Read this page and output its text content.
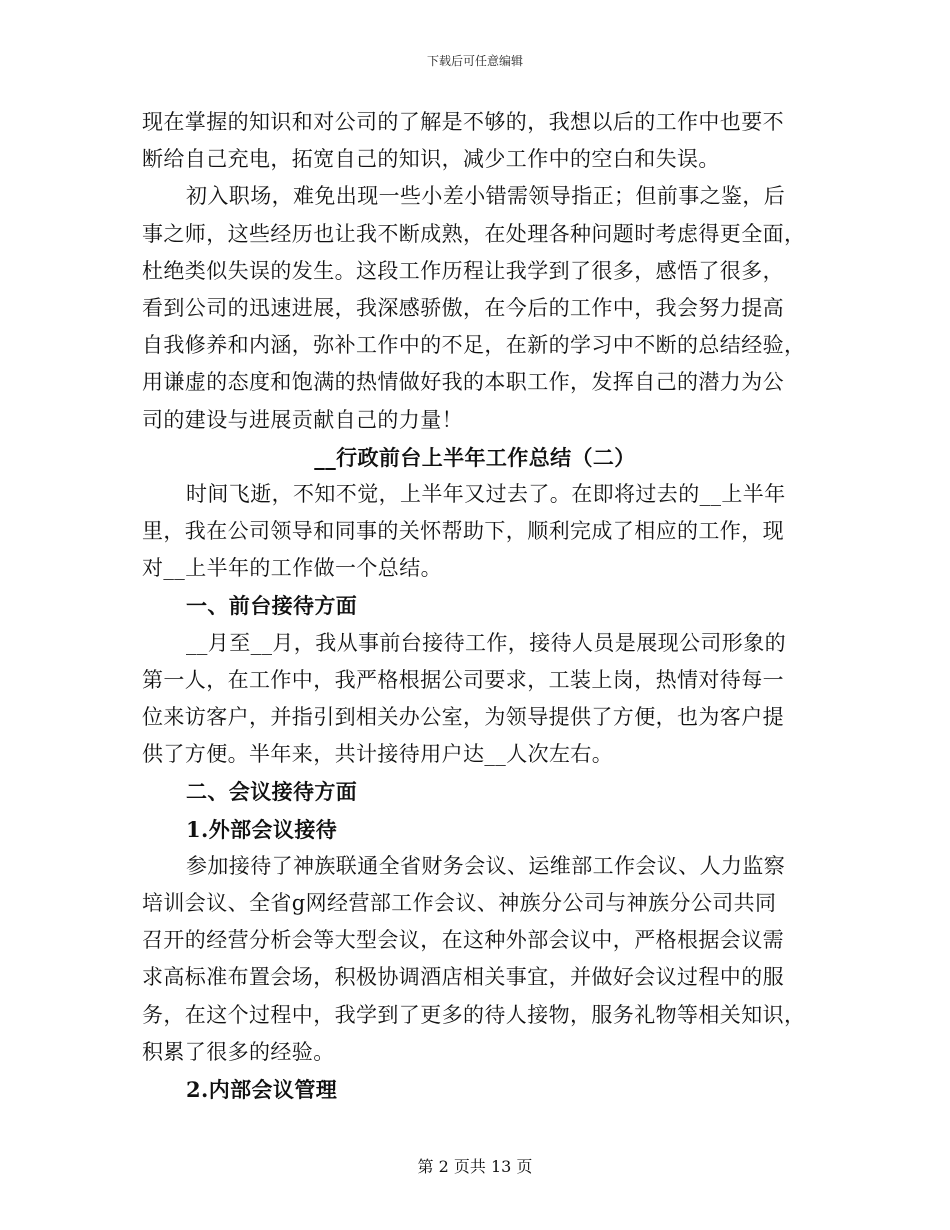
下载后可任意编辑
现在掌握的知识和对公司的了解是不够的，我想以后的工作中也要不
断给自己充电，拓宽自己的知识，减少工作中的空白和失误。
初入职场，难免出现一些小差小错需领导指正；但前事之鉴，后
事之师，这些经历也让我不断成熟，在处理各种问题时考虑得更全面，
杜绝类似失误的发生。这段工作历程让我学到了很多，感悟了很多，
看到公司的迅速进展，我深感骄傲，在今后的工作中，我会努力提高
自我修养和内涵，弥补工作中的不足，在新的学习中不断的总结经验，
用谦虚的态度和饱满的热情做好我的本职工作，发挥自己的潜力为公
司的建设与进展贡献自己的力量！
__行政前台上半年工作总结（二）
时间飞逝，不知不觉，上半年又过去了。在即将过去的__上半年
里，我在公司领导和同事的关怀帮助下，顺利完成了相应的工作，现
对__上半年的工作做一个总结。
一、前台接待方面
__月至__月，我从事前台接待工作，接待人员是展现公司形象的
第一人，在工作中，我严格根据公司要求，工装上岗，热情对待每一
位来访客户，并指引到相关办公室，为领导提供了方便，也为客户提
供了方便。半年来，共计接待用户达__人次左右。
二、会议接待方面
1.外部会议接待
参加接待了神族联通全省财务会议、运维部工作会议、人力监察
培训会议、全省g网经营部工作会议、神族分公司与神族分公司共同
召开的经营分析会等大型会议，在这种外部会议中，严格根据会议需
求高标准布置会场，积极协调酒店相关事宜，并做好会议过程中的服
务，在这个过程中，我学到了更多的待人接物，服务礼物等相关知识，
积累了很多的经验。
2.内部会议管理
第 2 页共 13 页
